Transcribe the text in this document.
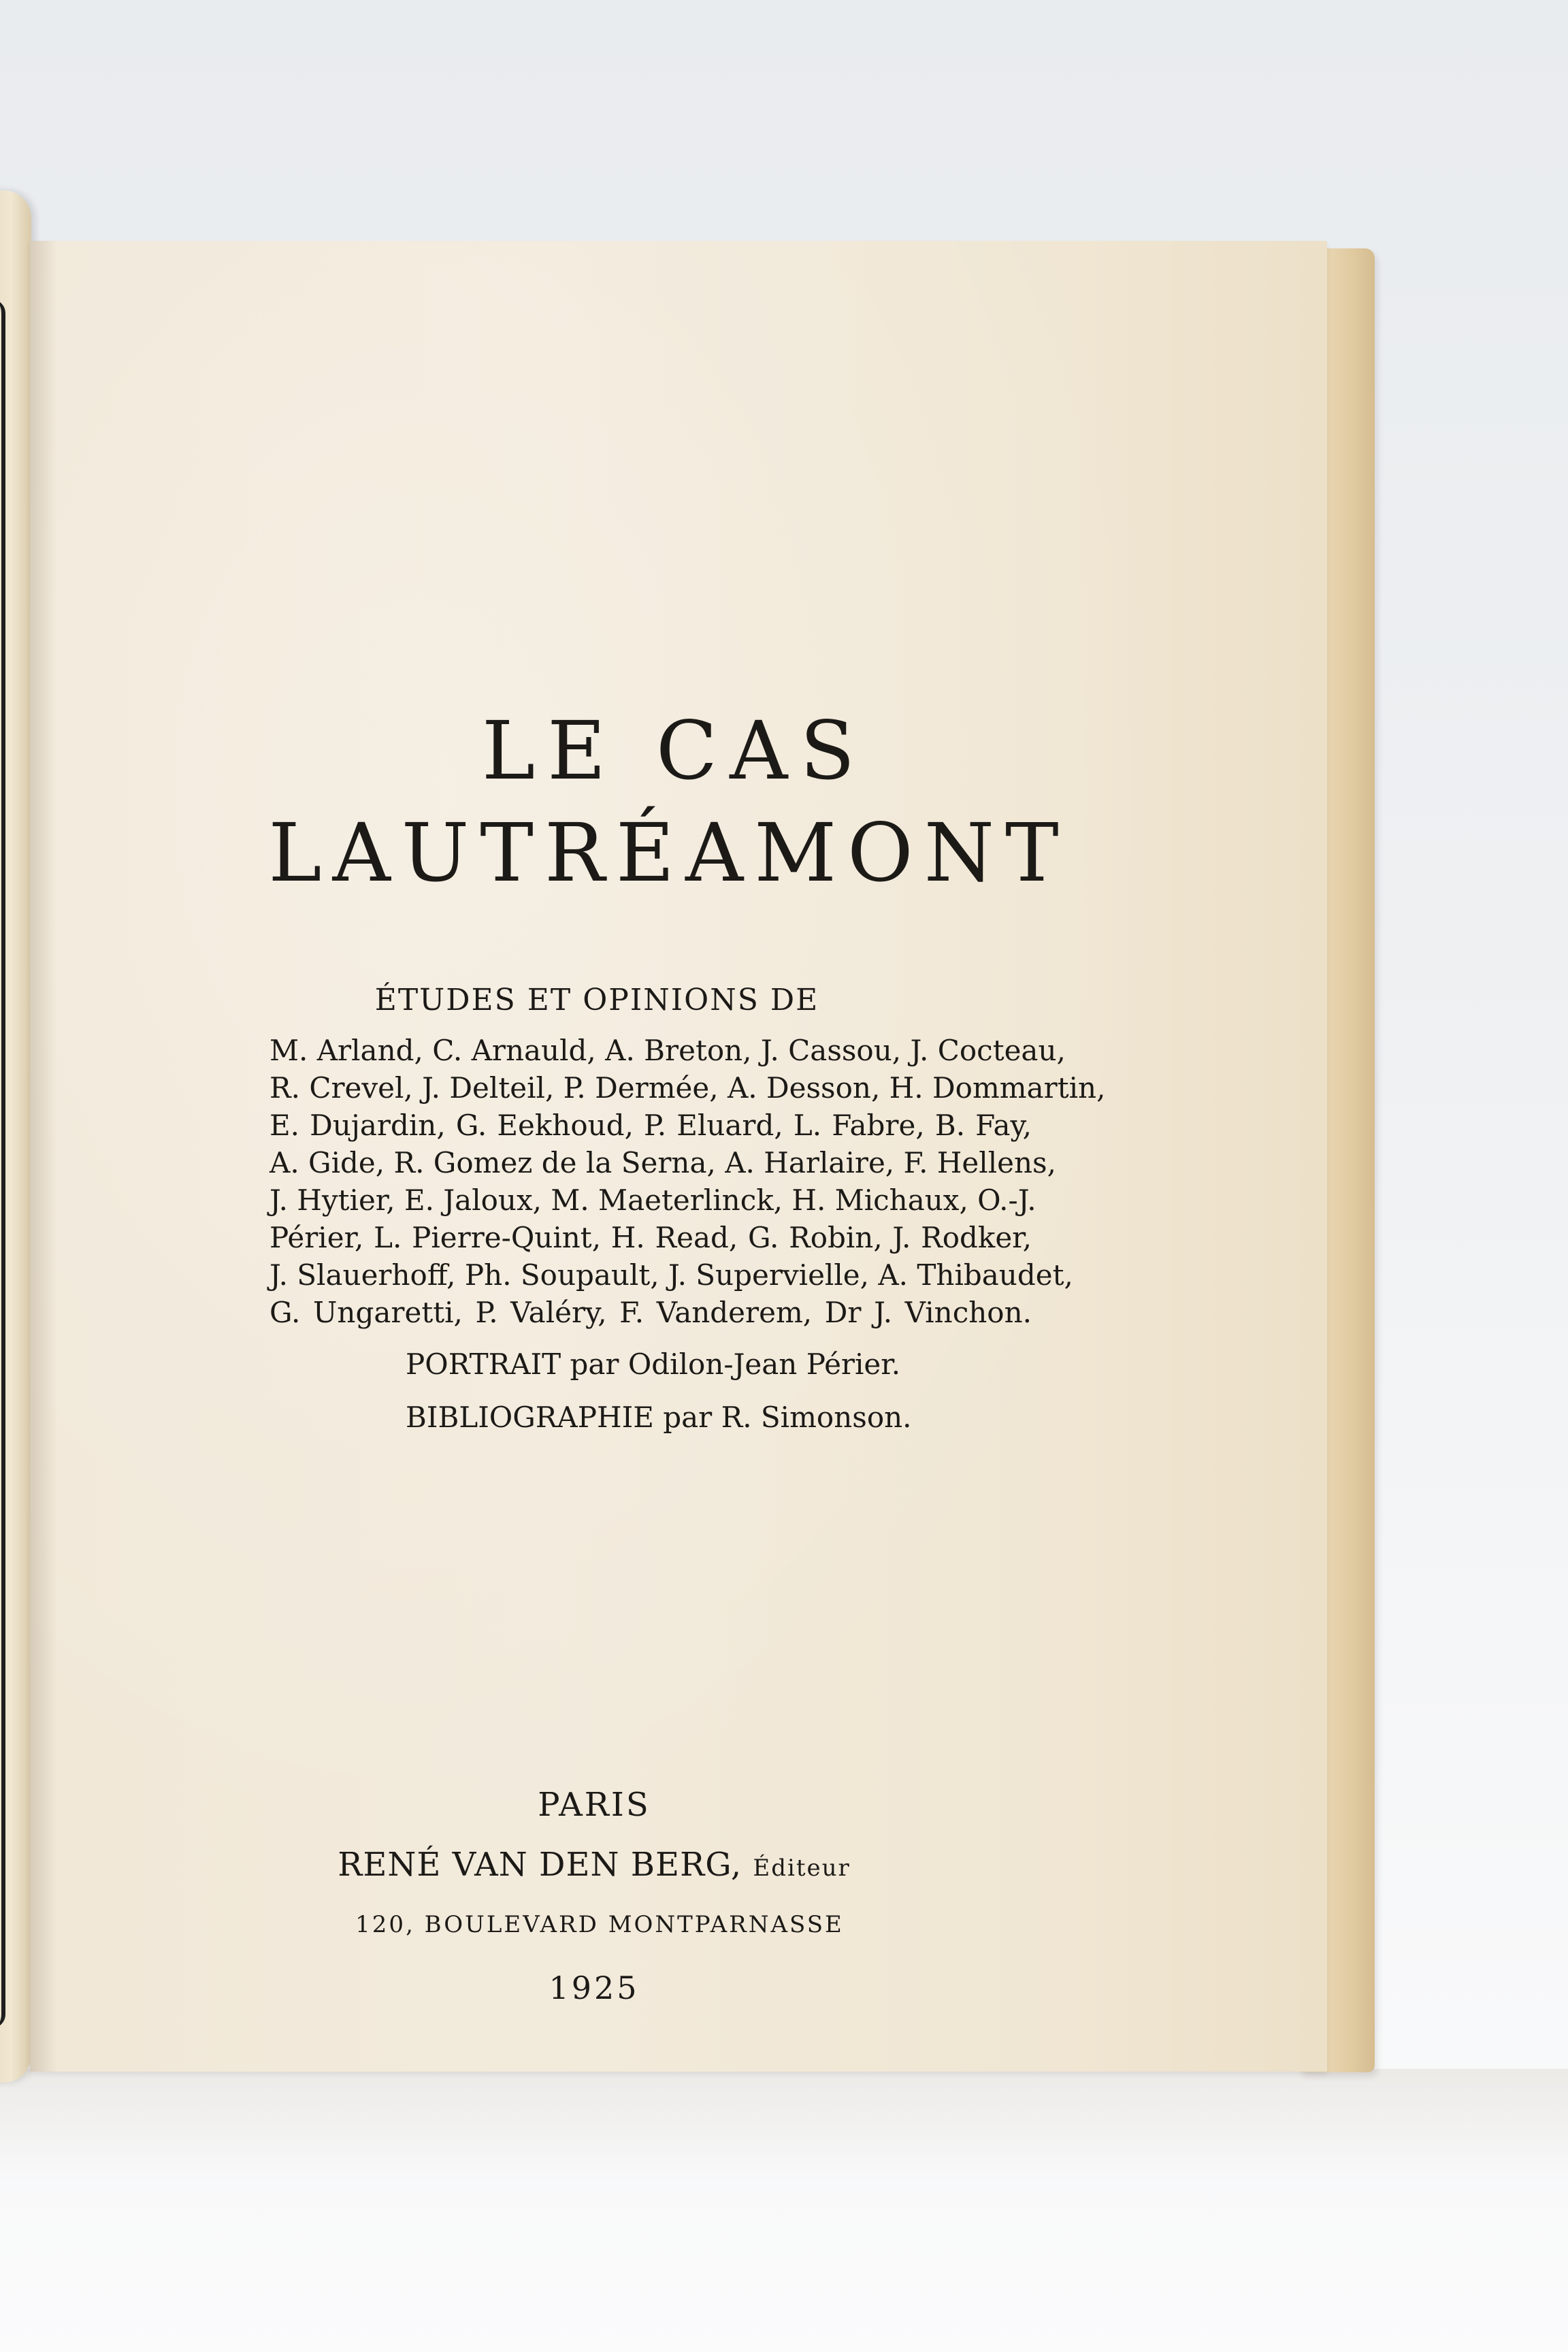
LE CAS
LAUTRÉAMONT
ÉTUDES ET OPINIONS DE
M. Arland, C. Arnauld, A. Breton, J. Cassou, J. Cocteau,
R. Crevel, J. Delteil, P. Dermée, A. Desson, H. Dommartin,
E. Dujardin, G. Eekhoud, P. Eluard, L. Fabre, B. Fay,
A. Gide, R. Gomez de la Serna, A. Harlaire, F. Hellens,
J. Hytier, E. Jaloux, M. Maeterlinck, H. Michaux, O.-J.
Périer, L. Pierre-Quint, H. Read, G. Robin, J. Rodker,
J. Slauerhoff, Ph. Soupault, J. Supervielle, A. Thibaudet,
G. Ungaretti, P. Valéry, F. Vanderem, Dr J. Vinchon.
PORTRAIT par Odilon-Jean Périer.
BIBLIOGRAPHIE par R. Simonson.
PARIS
RENÉ VAN DEN BERG, Éditeur
120, BOULEVARD MONTPARNASSE
1925
